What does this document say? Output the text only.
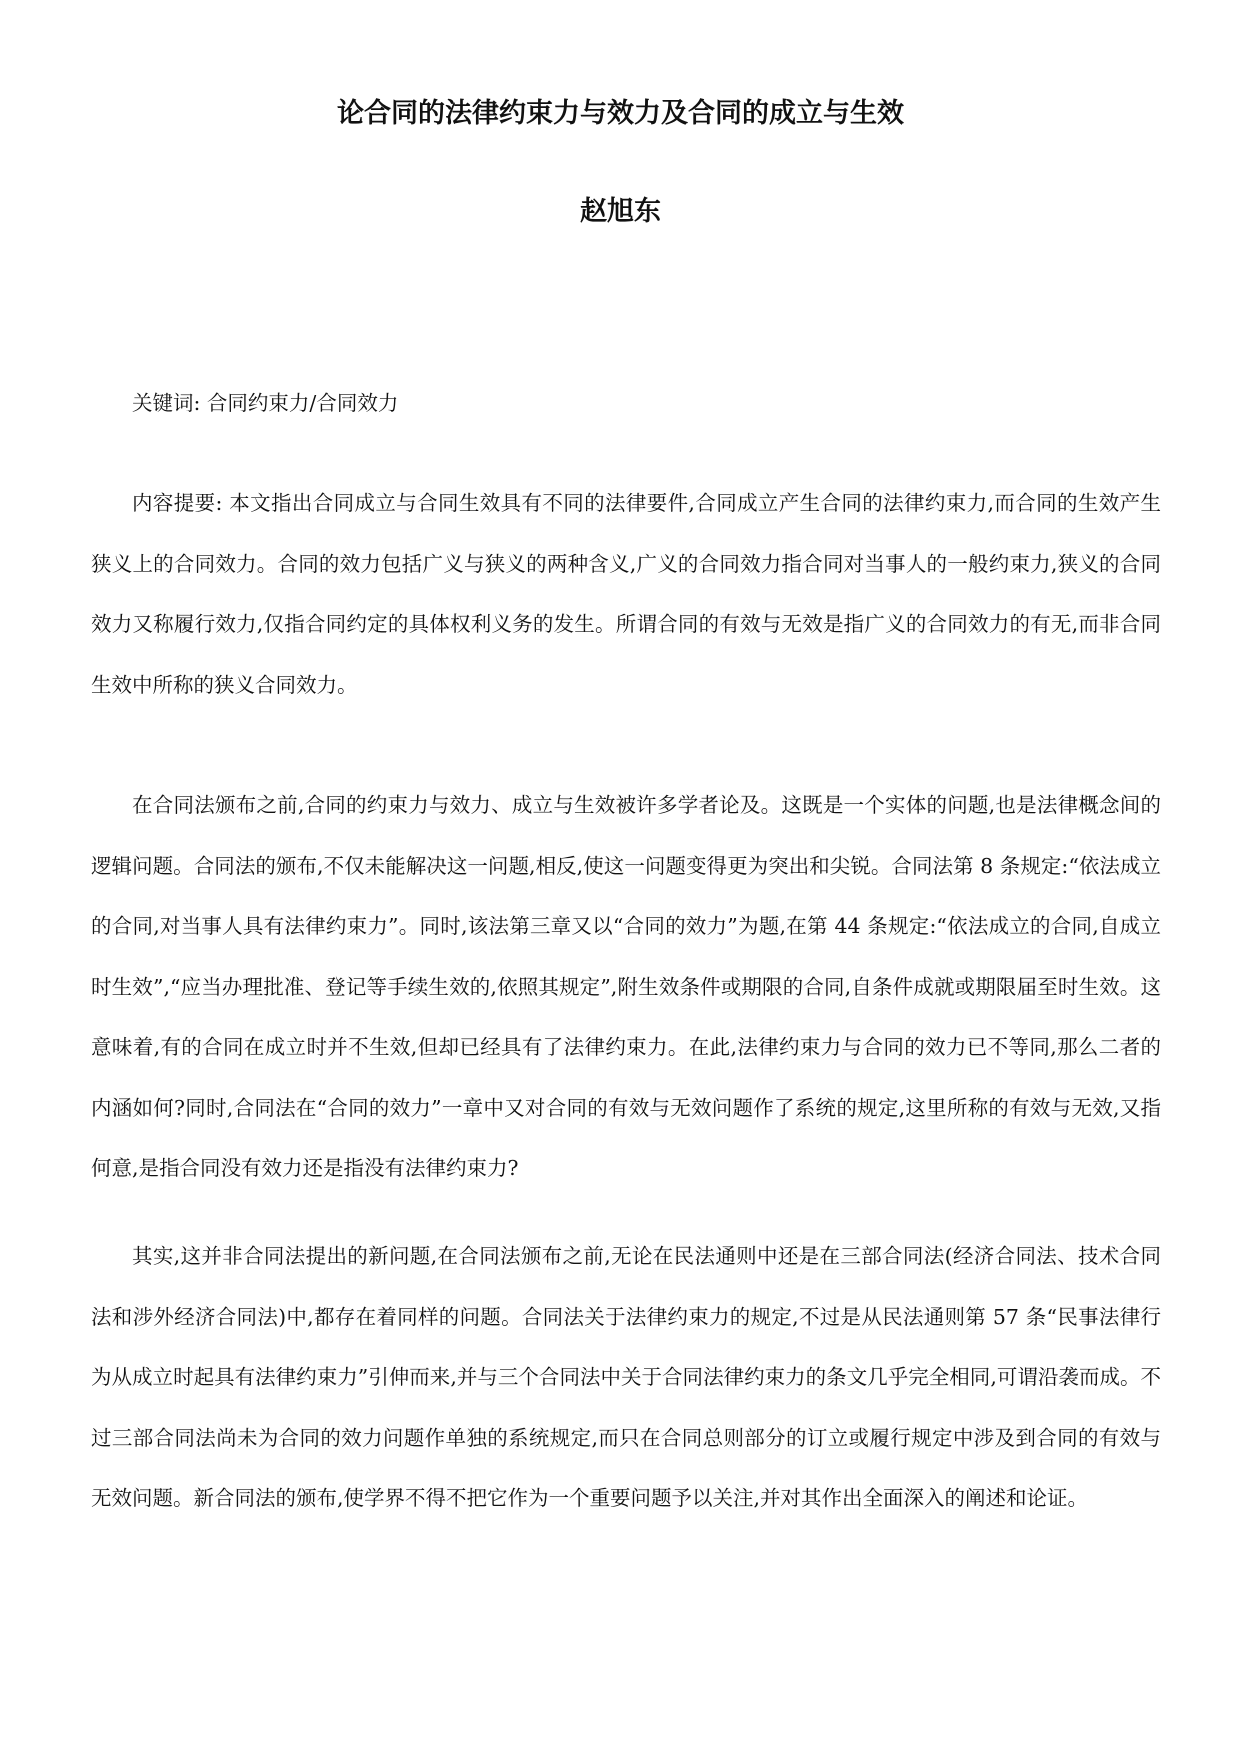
论合同的法律约束力与效力及合同的成立与生效
赵旭东

关键词: 合同约束力/合同效力

内容提要: 本文指出合同成立与合同生效具有不同的法律要件,合同成立产生合同的法律约束力,而合同的生效产生狭义上的合同效力。合同的效力包括广义与狭义的两种含义,广义的合同效力指合同对当事人的一般约束力,狭义的合同效力又称履行效力,仅指合同约定的具体权利义务的发生。所谓合同的有效与无效是指广义的合同效力的有无,而非合同生效中所称的狭义合同效力。

在合同法颁布之前,合同的约束力与效力、成立与生效被许多学者论及。这既是一个实体的问题,也是法律概念间的逻辑问题。合同法的颁布,不仅未能解决这一问题,相反,使这一问题变得更为突出和尖锐。合同法第 8 条规定:“依法成立的合同,对当事人具有法律约束力”。同时,该法第三章又以“合同的效力”为题,在第 44 条规定:“依法成立的合同,自成立时生效”,“应当办理批准、登记等手续生效的,依照其规定”,附生效条件或期限的合同,自条件成就或期限届至时生效。这意味着,有的合同在成立时并不生效,但却已经具有了法律约束力。在此,法律约束力与合同的效力已不等同,那么二者的内涵如何?同时,合同法在“合同的效力”一章中又对合同的有效与无效问题作了系统的规定,这里所称的有效与无效,又指何意,是指合同没有效力还是指没有法律约束力?

其实,这并非合同法提出的新问题,在合同法颁布之前,无论在民法通则中还是在三部合同法(经济合同法、技术合同法和涉外经济合同法)中,都存在着同样的问题。合同法关于法律约束力的规定,不过是从民法通则第 57 条“民事法律行为从成立时起具有法律约束力”引伸而来,并与三个合同法中关于合同法律约束力的条文几乎完全相同,可谓沿袭而成。不过三部合同法尚未为合同的效力问题作单独的系统规定,而只在合同总则部分的订立或履行规定中涉及到合同的有效与无效问题。新合同法的颁布,使学界不得不把它作为一个重要问题予以关注,并对其作出全面深入的阐述和论证。
